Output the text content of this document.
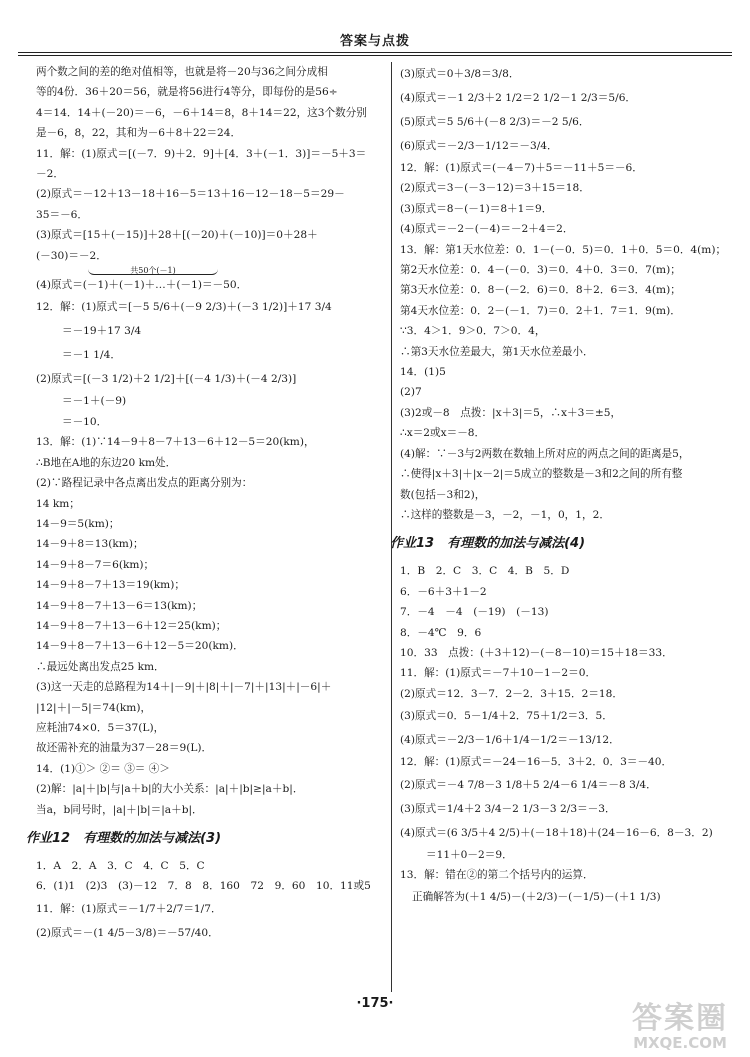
答案与点拨
两个数之间的差的绝对值相等，也就是将－20与36之间分成相
等的4份．36＋20＝56，就是将56进行4等分，即每份的是56÷
4＝14．14＋(－20)＝－6，－6＋14＝8，8＋14＝22，这3个数分别
是－6，8，22，其和为－6＋8＋22＝24．
11．解：(1)原式＝[(－7．9)＋2．9]＋[4．3＋(－1．3)]＝－5＋3＝
－2．
(2)原式＝－12＋13－18＋16－5＝13＋16－12－18－5＝29－
35＝－6．
(3)原式＝[15＋(－15)]＋28＋[(－20)＋(－10)]＝0＋28＋
(－30)＝－2．
共50个(－1)
(4)原式＝(－1)＋(－1)＋…＋(－1)＝－50．
12．解：(1)原式＝[－5 5/6＋(－9 2/3)＋(－3 1/2)]＋17 3/4
＝－19＋17 3/4
＝－1 1/4．
(2)原式＝[(－3 1/2)＋2 1/2]＋[(－4 1/3)＋(－4 2/3)]
＝－1＋(－9)
＝－10．
13．解：(1)∵14－9＋8－7＋13－6＋12－5＝20(km)，
∴B地在A地的东边20 km处．
(2)∵路程记录中各点离出发点的距离分别为：
14 km；
14－9＝5(km)；
14－9＋8＝13(km)；
14－9＋8－7＝6(km)；
14－9＋8－7＋13＝19(km)；
14－9＋8－7＋13－6＝13(km)；
14－9＋8－7＋13－6＋12＝25(km)；
14－9＋8－7＋13－6＋12－5＝20(km)．
∴最远处离出发点25 km．
(3)这一天走的总路程为14＋|－9|＋|8|＋|－7|＋|13|＋|－6|＋
|12|＋|－5|＝74(km)，
应耗油74×0．5＝37(L)，
故还需补充的油量为37－28＝9(L)．
14．(1)①＞ ②＝ ③＝ ④＞
(2)解：|a|＋|b|与|a＋b|的大小关系：|a|＋|b|≥|a＋b|．
当a，b同号时，|a|＋|b|＝|a＋b|．
作业12　有理数的加法与减法(3)
1．A　2．A　3．C　4．C　5．C
6．(1)1　(2)3　(3)－12　7．8　8．160　72　9．60　10．11或5
11．解：(1)原式＝－1/7＋2/7＝1/7．
(2)原式＝－(1 4/5－3/8)＝－57/40．
(3)原式＝0＋3/8＝3/8．
(4)原式＝－1 2/3＋2 1/2＝2 1/2－1 2/3＝5/6．
(5)原式＝5 5/6＋(－8 2/3)＝－2 5/6．
(6)原式＝－2/3－1/12＝－3/4．
12．解：(1)原式＝(－4－7)＋5＝－11＋5＝－6．
(2)原式＝3－(－3－12)＝3＋15＝18．
(3)原式＝8－(－1)＝8＋1＝9．
(4)原式＝－2－(－4)＝－2＋4＝2．
13．解：第1天水位差：0．1－(－0．5)＝0．1＋0．5＝0．4(m)；
第2天水位差：0．4－(－0．3)＝0．4＋0．3＝0．7(m)；
第3天水位差：0．8－(－2．6)＝0．8＋2．6＝3．4(m)；
第4天水位差：0．2－(－1．7)＝0．2＋1．7＝1．9(m)．
∵3．4＞1．9＞0．7＞0．4，
∴第3天水位差最大，第1天水位差最小．
14．(1)5
(2)7
(3)2或－8　点拨：|x＋3|＝5，∴x＋3＝±5，
∴x＝2或x＝－8．
(4)解：∵－3与2两数在数轴上所对应的两点之间的距离是5，
∴使得|x＋3|＋|x－2|＝5成立的整数是－3和2之间的所有整
数(包括－3和2)，
∴这样的整数是－3，－2，－1，0，1，2．
作业13　有理数的加法与减法(4)
1．B　2．C　3．C　4．B　5．D
6．－6＋3＋1－2
7．－4　－4　(－19)　(－13)
8．－4℃　9．6
10．33　点拨：(＋3＋12)－(－8－10)＝15＋18＝33．
11．解：(1)原式＝－7＋10－1－2＝0．
(2)原式＝12．3－7．2－2．3＋15．2＝18．
(3)原式＝0．5－1/4＋2．75＋1/2＝3．5．
(4)原式＝－2/3－1/6＋1/4－1/2＝－13/12．
12．解：(1)原式＝－24－16－5．3＋2．0．3＝－40．
(2)原式＝－4 7/8－3 1/8＋5 2/4－6 1/4＝－8 3/4．
(3)原式＝1/4＋2 3/4－2 1/3－3 2/3＝－3．
(4)原式＝(6 3/5＋4 2/5)＋(－18＋18)＋(24－16－6．8－3．2)
＝11＋0－2＝9．
13．解：错在②的第二个括号内的运算．
正确解答为(＋1 4/5)－(＋2/3)－(－1/5)－(＋1 1/3)
·175·	答案圈
MXQE.COM
